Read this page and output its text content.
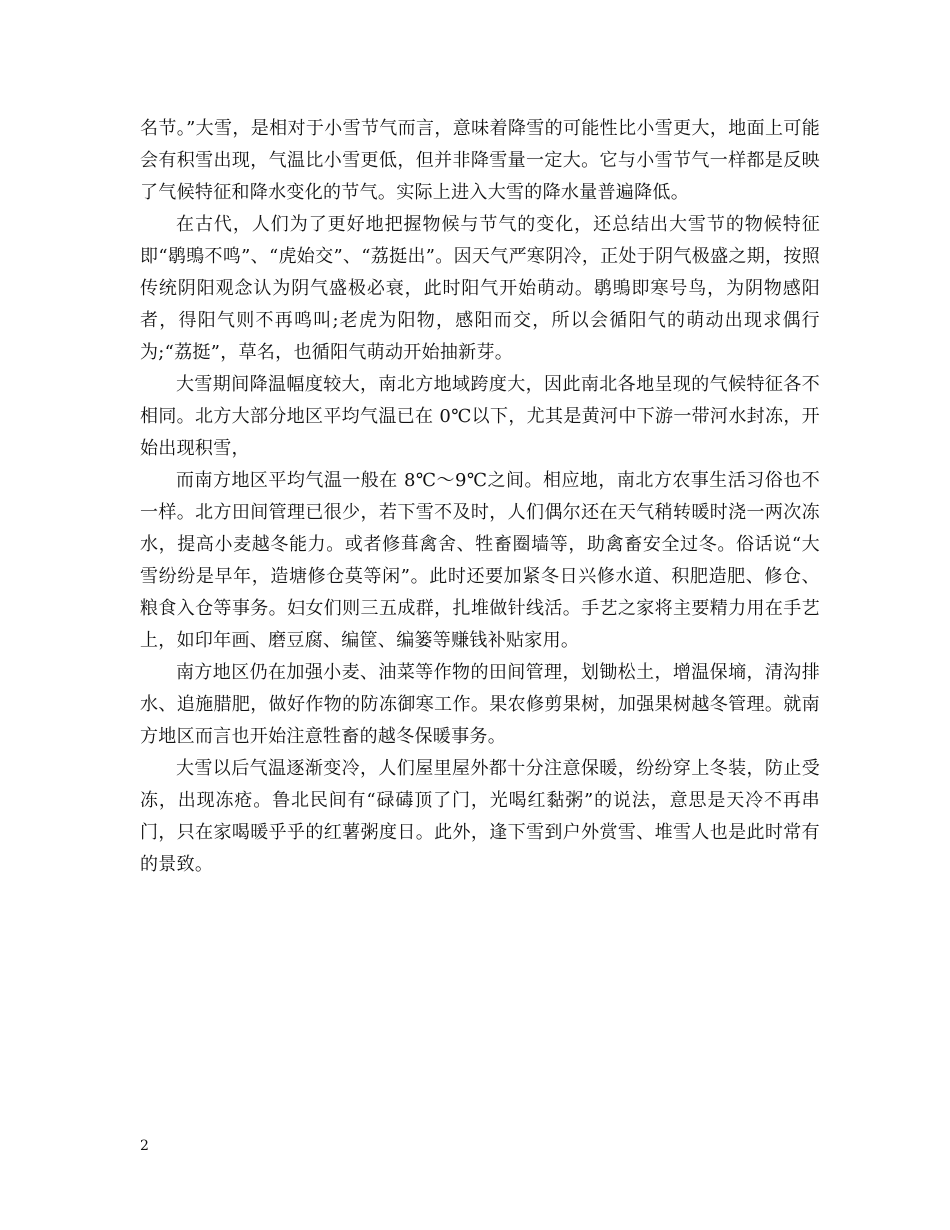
名节。”大雪，是相对于小雪节气而言，意味着降雪的可能性比小雪更大，地面上可能会有积雪出现，气温比小雪更低，但并非降雪量一定大。它与小雪节气一样都是反映了气候特征和降水变化的节气。实际上进入大雪的降水量普遍降低。

在古代，人们为了更好地把握物候与节气的变化，还总结出大雪节的物候特征即“鹖鴠不鸣”、“虎始交”、“荔挺出”。因天气严寒阴冷，正处于阴气极盛之期，按照传统阴阳观念认为阴气盛极必衰，此时阳气开始萌动。鹖鴠即寒号鸟，为阴物感阳者，得阳气则不再鸣叫;老虎为阳物，感阳而交，所以会循阳气的萌动出现求偶行为;“荔挺”，草名，也循阳气萌动开始抽新芽。

大雪期间降温幅度较大，南北方地域跨度大，因此南北各地呈现的气候特征各不相同。北方大部分地区平均气温已在 0℃以下，尤其是黄河中下游一带河水封冻，开始出现积雪，

而南方地区平均气温一般在 8℃～9℃之间。相应地，南北方农事生活习俗也不一样。北方田间管理已很少，若下雪不及时，人们偶尔还在天气稍转暖时浇一两次冻水，提高小麦越冬能力。或者修葺禽舍、牲畜圈墙等，助禽畜安全过冬。俗话说“大雪纷纷是早年，造塘修仓莫等闲”。此时还要加紧冬日兴修水道、积肥造肥、修仓、粮食入仓等事务。妇女们则三五成群，扎堆做针线活。手艺之家将主要精力用在手艺上，如印年画、磨豆腐、编筐、编篓等赚钱补贴家用。

南方地区仍在加强小麦、油菜等作物的田间管理，划锄松土，增温保墒，清沟排水、追施腊肥，做好作物的防冻御寒工作。果农修剪果树，加强果树越冬管理。就南方地区而言也开始注意牲畜的越冬保暖事务。

大雪以后气温逐渐变冷，人们屋里屋外都十分注意保暖，纷纷穿上冬装，防止受冻，出现冻疮。鲁北民间有“碌碡顶了门，光喝红黏粥”的说法，意思是天冷不再串门，只在家喝暖乎乎的红薯粥度日。此外，逢下雪到户外赏雪、堆雪人也是此时常有的景致。

2
